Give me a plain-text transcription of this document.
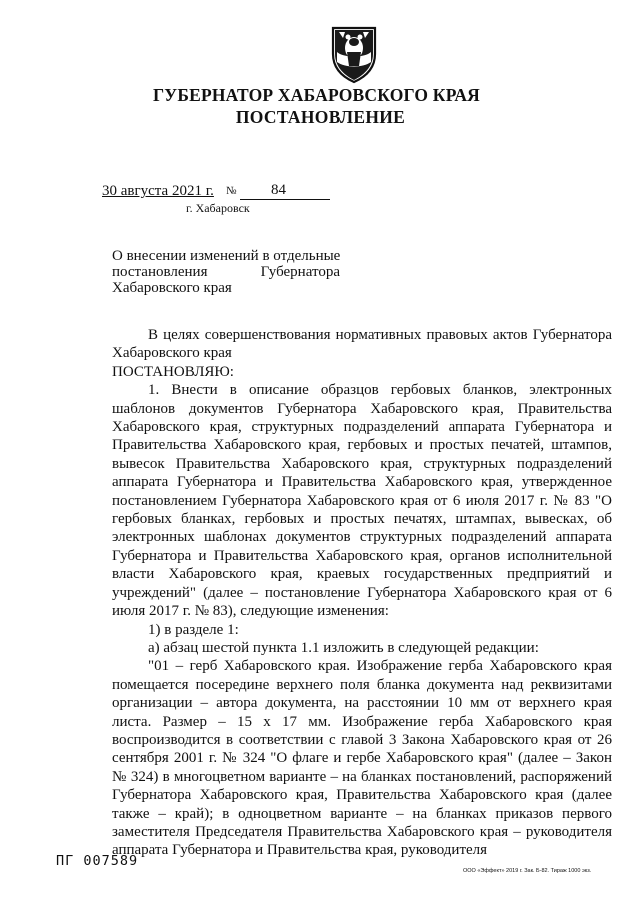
ГУБЕРНАТОР ХАБАРОВСКОГО КРАЯ
ПОСТАНОВЛЕНИЕ
30 августа 2021 г. № 84
г. Хабаровск
О внесении изменений в отдельные
постановления Губернатора
Хабаровского края
В целях совершенствования нормативных правовых актов Губернатора Хабаровского края
ПОСТАНОВЛЯЮ:
1. Внести в описание образцов гербовых бланков, электронных шаблонов документов Губернатора Хабаровского края, Правительства Хабаровского края, структурных подразделений аппарата Губернатора и Правительства Хабаровского края, гербовых и простых печатей, штампов, вывесок Правительства Хабаровского края, структурных подразделений аппарата Губернатора и Правительства Хабаровского края, утвержденное постановлением Губернатора Хабаровского края от 6 июля 2017 г. № 83 "О гербовых бланках, гербовых и простых печатях, штампах, вывесках, об электронных шаблонах документов структурных подразделений аппарата Губернатора и Правительства Хабаровского края, органов исполнительной власти Хабаровского края, краевых государственных предприятий и учреждений" (далее – постановление Губернатора Хабаровского края от 6 июля 2017 г. № 83), следующие изменения:
1) в разделе 1:
а) абзац шестой пункта 1.1 изложить в следующей редакции:
"01 – герб Хабаровского края. Изображение герба Хабаровского края помещается посередине верхнего поля бланка документа над реквизитами организации – автора документа, на расстоянии 10 мм от верхнего края листа. Размер – 15 х 17 мм. Изображение герба Хабаровского края воспроизводится в соответствии с главой 3 Закона Хабаровского края от 26 сентября 2001 г. № 324 "О флаге и гербе Хабаровского края" (далее – Закон № 324) в многоцветном варианте – на бланках постановлений, распоряжений Губернатора Хабаровского края, Правительства Хабаровского края (далее также – край); в одноцветном варианте – на бланках приказов первого заместителя Председателя Правительства Хабаровского края – руководителя аппарата Губернатора и Правительства края, руководителя
ПГ 007589
ООО «Эффект» 2019 г. Зак. Б-82. Тираж 1000 экз.
